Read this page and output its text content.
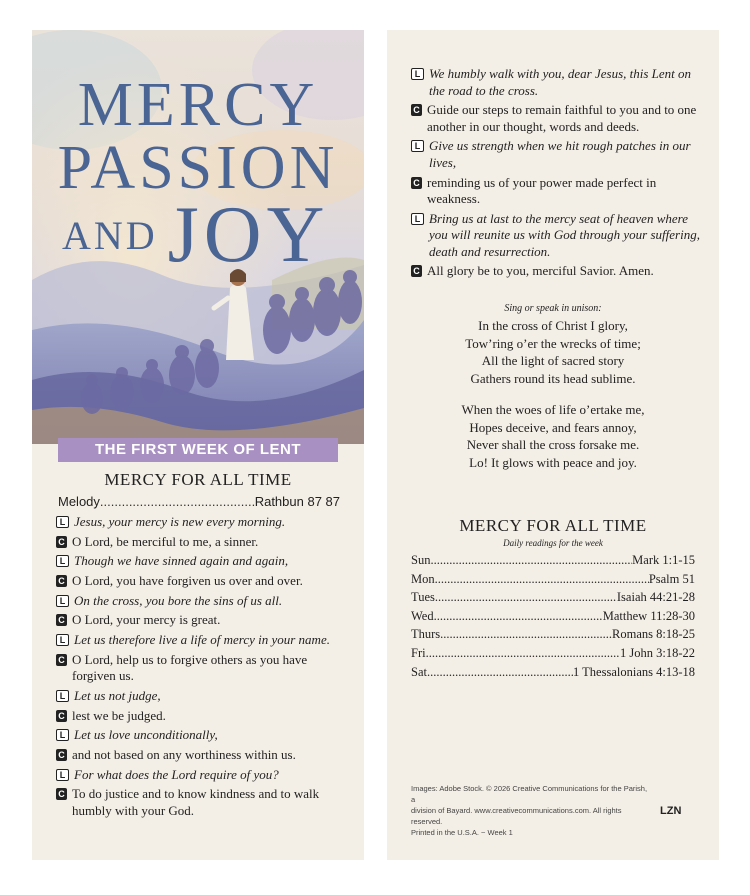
MERCY
PASSION
AND JOY
THE FIRST WEEK OF LENT
MERCY FOR ALL TIME
Melody .....	Rathbun 87 87
L Jesus, your mercy is new every morning.
C O Lord, be merciful to me, a sinner.
L Though we have sinned again and again,
C O Lord, you have forgiven us over and over.
L On the cross, you bore the sins of us all.
C O Lord, your mercy is great.
L Let us therefore live a life of mercy in your name.
C O Lord, help us to forgive others as you have forgiven us.
L Let us not judge,
C lest we be judged.
L Let us love unconditionally,
C and not based on any worthiness within us.
L For what does the Lord require of you?
C To do justice and to know kindness and to walk humbly with your God.
L We humbly walk with you, dear Jesus, this Lent on the road to the cross.
C Guide our steps to remain faithful to you and to one another in our thought, words and deeds.
L Give us strength when we hit rough patches in our lives,
C reminding us of your power made perfect in weakness.
L Bring us at last to the mercy seat of heaven where you will reunite us with God through your suffering, death and resurrection.
C All glory be to you, merciful Savior. Amen.
Sing or speak in unison:
In the cross of Christ I glory,
Tow’ring o’er the wrecks of time;
All the light of sacred story
Gathers round its head sublime.
When the woes of life o’ertake me,
Hopes deceive, and fears annoy,
Never shall the cross forsake me.
Lo! It glows with peace and joy.
MERCY FOR ALL TIME
Daily readings for the week
Sun .....	Mark 1:1-15
Mon .....	Psalm 51
Tues. .....	Isaiah 44:21-28
Wed .....	Matthew 11:28-30
Thurs .....	Romans 8:18-25
Fri .....	1 John 3:18-22
Sat .....	1 Thessalonians 4:13-18
Images: Adobe Stock. © 2026 Creative Communications for the Parish, a
division of Bayard. www.creativecommunications.com. All rights reserved.
Printed in the U.S.A. ~ Week 1
LZN
